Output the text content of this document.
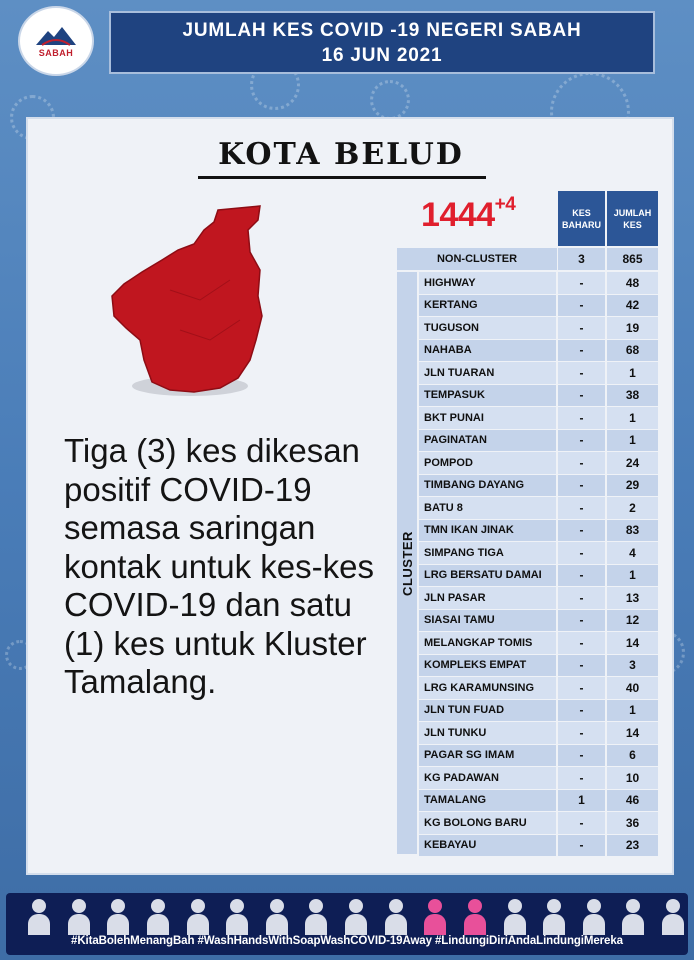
SABAH
JUMLAH KES COVID -19 NEGERI SABAH
16 JUN 2021
KOTA BELUD
$1444^{+4}$
Tiga (3) kes dikesan positif COVID-19 semasa saringan kontak untuk kes-kes COVID-19 dan satu (1) kes untuk Kluster Tamalang.
KES
BAHARU
JUMLAH
KES
NON-CLUSTER	3	865
CLUSTER
HIGHWAY	-	48
KERTANG	-	42
TUGUSON	-	19
NAHABA	-	68
JLN TUARAN	-	1
TEMPASUK	-	38
BKT PUNAI	-	1
PAGINATAN	-	1
POMPOD	-	24
TIMBANG DAYANG	-	29
BATU 8	-	2
TMN IKAN JINAK	-	83
SIMPANG TIGA	-	4
LRG BERSATU DAMAI	-	1
JLN PASAR	-	13
SIASAI TAMU	-	12
MELANGKAP TOMIS	-	14
KOMPLEKS EMPAT	-	3
LRG KARAMUNSING	-	40
JLN TUN FUAD	-	1
JLN TUNKU	-	14
PAGAR SG IMAM	-	6
KG PADAWAN	-	10
TAMALANG	1	46
KG BOLONG BARU	-	36
KEBAYAU	-	23
#KitaBolehMenangBah #WashHandsWithSoapWashCOVID-19Away #LindungiDiriAndaLindungiMereka
